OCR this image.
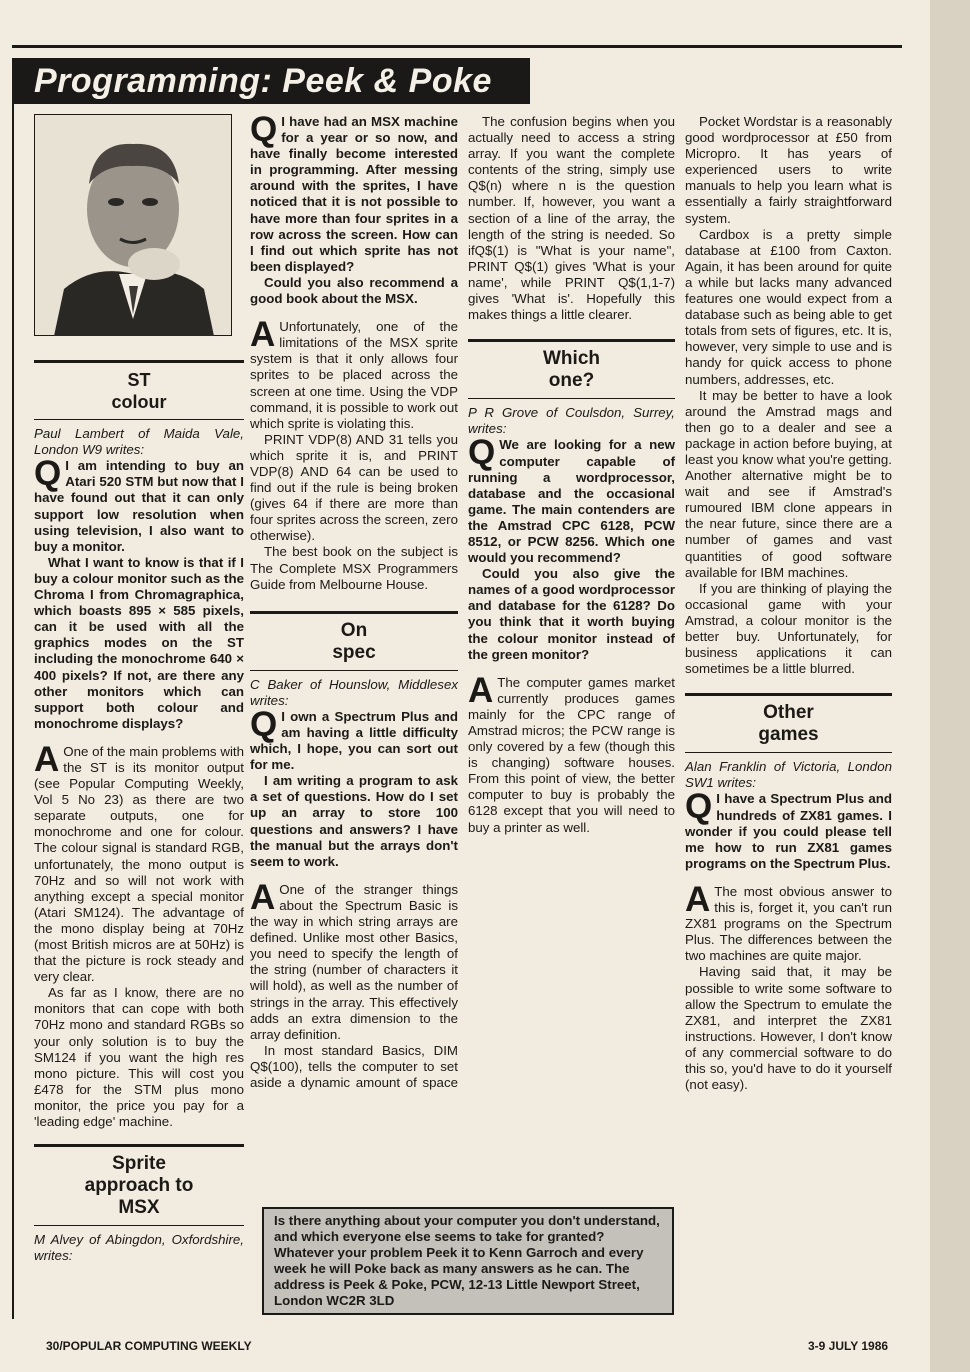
Programming: Peek & Poke
ST colour

Paul Lambert of Maida Vale, London W9 writes:

Q I am intending to buy an Atari 520 STM but now that I have found out that it can only support low resolution when using television, I also want to buy a monitor.

What I want to know is that if I buy a colour monitor such as the Chroma I from Chromagraphica, which boasts 895 × 585 pixels, can it be used with all the graphics modes on the ST including the monochrome 640 × 400 pixels? If not, are there any other monitors which can support both colour and monochrome displays?

A One of the main problems with the ST is its monitor output (see Popular Computing Weekly, Vol 5 No 23) as there are two separate outputs, one for monochrome and one for colour. The colour signal is standard RGB, unfortunately, the mono output is 70Hz and so will not work with anything except a special monitor (Atari SM124). The advantage of the mono display being at 70Hz (most British micros are at 50Hz) is that the picture is rock steady and very clear.

As far as I know, there are no monitors that can cope with both 70Hz mono and standard RGBs so your only solution is to buy the SM124 if you want the high res mono picture. This will cost you £478 for the STM plus mono monitor, the price you pay for a 'leading edge' machine.

Sprite approach to MSX

M Alvey of Abingdon, Oxfordshire, writes:

Q I have had an MSX machine for a year or so now, and have finally become interested in programming. After messing around with the sprites, I have noticed that it is not possible to have more than four sprites in a row across the screen. How can I find out which sprite has not been displayed?

Could you also recommend a good book about the MSX.

A Unfortunately, one of the limitations of the MSX sprite system is that it only allows four sprites to be placed across the screen at one time. Using the VDP command, it is possible to work out which sprite is violating this.

PRINT VDP(8) AND 31 tells you which sprite it is, and PRINT VDP(8) AND 64 can be used to find out if the rule is being broken (gives 64 if there are more than four sprites across the screen, zero otherwise).

The best book on the subject is The Complete MSX Programmers Guide from Melbourne House.

On spec

C Baker of Hounslow, Middlesex writes:

Q I own a Spectrum Plus and am having a little difficulty which, I hope, you can sort out for me.

I am writing a program to ask a set of questions. How do I set up an array to store 100 questions and answers? I have the manual but the arrays don't seem to work.

A One of the stranger things about the Spectrum Basic is the way in which string arrays are defined. Unlike most other Basics, you need to specify the length of the string (number of characters it will hold), as well as the number of strings in the array. This effectively adds an extra dimension to the array definition.

In most standard Basics, DIM Q$(100), tells the computer to set aside a dynamic amount of space

The confusion begins when you actually need to access a string array. If you want the complete contents of the string, simply use Q$(n) where n is the question number. If, however, you want a section of a line of the array, the length of the string is needed. So ifQ$(1) is "What is your name", PRINT Q$(1) gives 'What is your name', while PRINT Q$(1,1-7) gives 'What is'. Hopefully this makes things a little clearer.

Which one?

P R Grove of Coulsdon, Surrey, writes:

Q We are looking for a new computer capable of running a wordprocessor, database and the occasional game. The main contenders are the Amstrad CPC 6128, PCW 8512, or PCW 8256. Which one would you recommend?

Could you also give the names of a good wordprocessor and database for the 6128? Do you think that it worth buying the colour monitor instead of the green monitor?

A The computer games market currently produces games mainly for the CPC range of Amstrad micros; the PCW range is only covered by a few (though this is changing) software houses. From this point of view, the better computer to buy is probably the 6128 except that you will need to buy a printer as well.

Pocket Wordstar is a reasonably good wordprocessor at £50 from Micropro. It has years of experienced users to write manuals to help you learn what is essentially a fairly straightforward system.

Cardbox is a pretty simple database at £100 from Caxton. Again, it has been around for quite a while but lacks many advanced features one would expect from a database such as being able to get totals from sets of figures, etc. It is, however, very simple to use and is handy for quick access to phone numbers, addresses, etc.

It may be better to have a look around the Amstrad mags and then go to a dealer and see a package in action before buying, at least you know what you're getting. Another alternative might be to wait and see if Amstrad's rumoured IBM clone appears in the near future, since there are a number of games and vast quantities of good software available for IBM machines.

If you are thinking of playing the occasional game with your Amstrad, a colour monitor is the better buy. Unfortunately, for business applications it can sometimes be a little blurred.

Other games

Alan Franklin of Victoria, London SW1 writes:

Q I have a Spectrum Plus and hundreds of ZX81 games. I wonder if you could please tell me how to run ZX81 games programs on the Spectrum Plus.

A The most obvious answer to this is, forget it, you can't run ZX81 programs on the Spectrum Plus. The differences between the two machines are quite major.

Having said that, it may be possible to write some software to allow the Spectrum to emulate the ZX81, and interpret the ZX81 instructions. However, I don't know of any commercial software to do this so, you'd have to do it yourself (not easy).

Is there anything about your computer you don't understand, and which everyone else seems to take for granted? Whatever your problem Peek it to Kenn Garroch and every week he will Poke back as many answers as he can. The address is Peek & Poke, PCW, 12-13 Little Newport Street, London WC2R 3LD
30/POPULAR COMPUTING WEEKLY	3-9 JULY 1986
